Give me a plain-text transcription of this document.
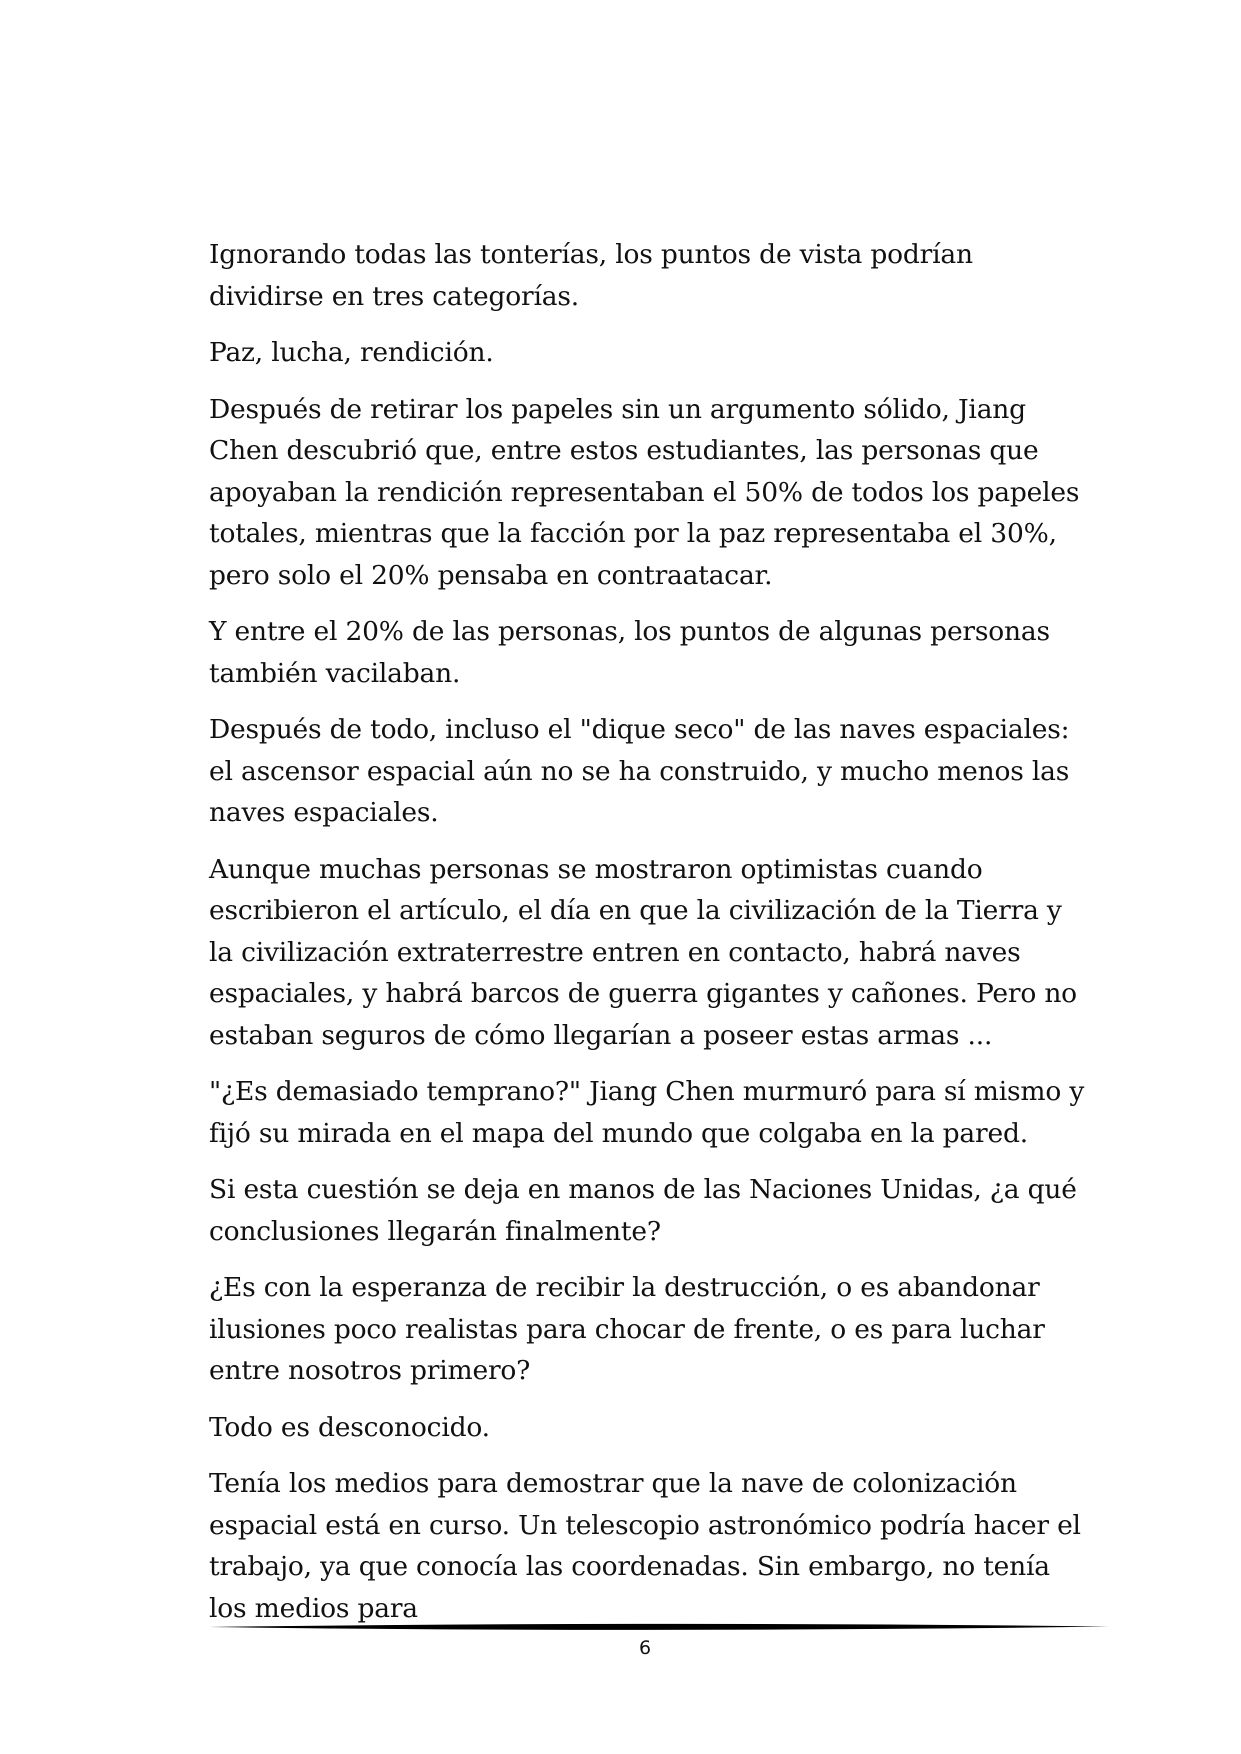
Ignorando todas las tonterías, los puntos de vista podrían dividirse en tres categorías.

Paz, lucha, rendición.

Después de retirar los papeles sin un argumento sólido, Jiang Chen descubrió que, entre estos estudiantes, las personas que apoyaban la rendición representaban el 50% de todos los papeles totales, mientras que la facción por la paz representaba el 30%, pero solo el 20% pensaba en contraatacar.

Y entre el 20% de las personas, los puntos de algunas personas también vacilaban.

Después de todo, incluso el "dique seco" de las naves espaciales: el ascensor espacial aún no se ha construido, y mucho menos las naves espaciales.

Aunque muchas personas se mostraron optimistas cuando escribieron el artículo, el día en que la civilización de la Tierra y la civilización extraterrestre entren en contacto, habrá naves espaciales, y habrá barcos de guerra gigantes y cañones. Pero no estaban seguros de cómo llegarían a poseer estas armas ...

"¿Es demasiado temprano?" Jiang Chen murmuró para sí mismo y fijó su mirada en el mapa del mundo que colgaba en la pared.

Si esta cuestión se deja en manos de las Naciones Unidas, ¿a qué conclusiones llegarán finalmente?

¿Es con la esperanza de recibir la destrucción, o es abandonar ilusiones poco realistas para chocar de frente, o es para luchar entre nosotros primero?

Todo es desconocido.

Tenía los medios para demostrar que la nave de colonización espacial está en curso. Un telescopio astronómico podría hacer el trabajo, ya que conocía las coordenadas. Sin embargo, no tenía los medios para

6
